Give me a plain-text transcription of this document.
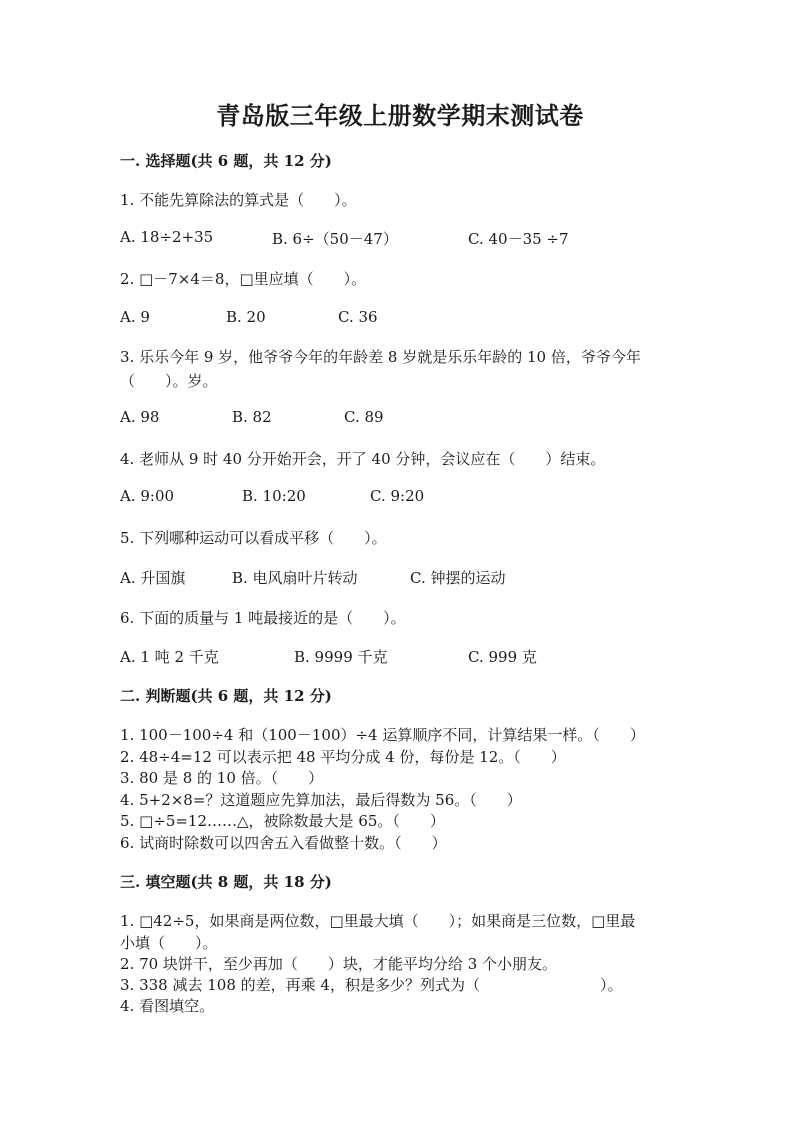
青岛版三年级上册数学期末测试卷
一. 选择题(共 6 题，共 12 分)
1. 不能先算除法的算式是（　　）。
A. 18÷2+35	B. 6÷（50－47）	C. 40－35 ÷7
2. □－7×4＝8，□里应填（　　）。
A. 9	B. 20	C. 36
3. 乐乐今年 9 岁，他爷爷今年的年龄差 8 岁就是乐乐年龄的 10 倍，爷爷今年
（　　）。岁。
A. 98	B. 82	C. 89
4. 老师从 9 时 40 分开始开会，开了 40 分钟，会议应在（　　）结束。
A. 9:00	B. 10:20	C. 9:20
5. 下列哪种运动可以看成平移（　　）。
A. 升国旗	B. 电风扇叶片转动	C. 钟摆的运动
6. 下面的质量与 1 吨最接近的是（　　）。
A. 1 吨 2 千克	B. 9999 千克	C. 999 克
二. 判断题(共 6 题，共 12 分)
1. 100－100÷4 和（100－100）÷4 运算顺序不同，计算结果一样。（　　）
2. 48÷4=12 可以表示把 48 平均分成 4 份，每份是 12。（　　）
3. 80 是 8 的 10 倍。（　　）
4. 5+2×8=？这道题应先算加法，最后得数为 56。（　　）
5. □÷5=12……△，被除数最大是 65。（　　）
6. 试商时除数可以四舍五入看做整十数。（　　）
三. 填空题(共 8 题，共 18 分)
1. □42÷5，如果商是两位数，□里最大填（　　）；如果商是三位数，□里最
小填（　　）。
2. 70 块饼干，至少再加（　　）块，才能平均分给 3 个小朋友。
3. 338 减去 108 的差，再乘 4，积是多少？列式为（　　　　　　　　）。
4. 看图填空。
